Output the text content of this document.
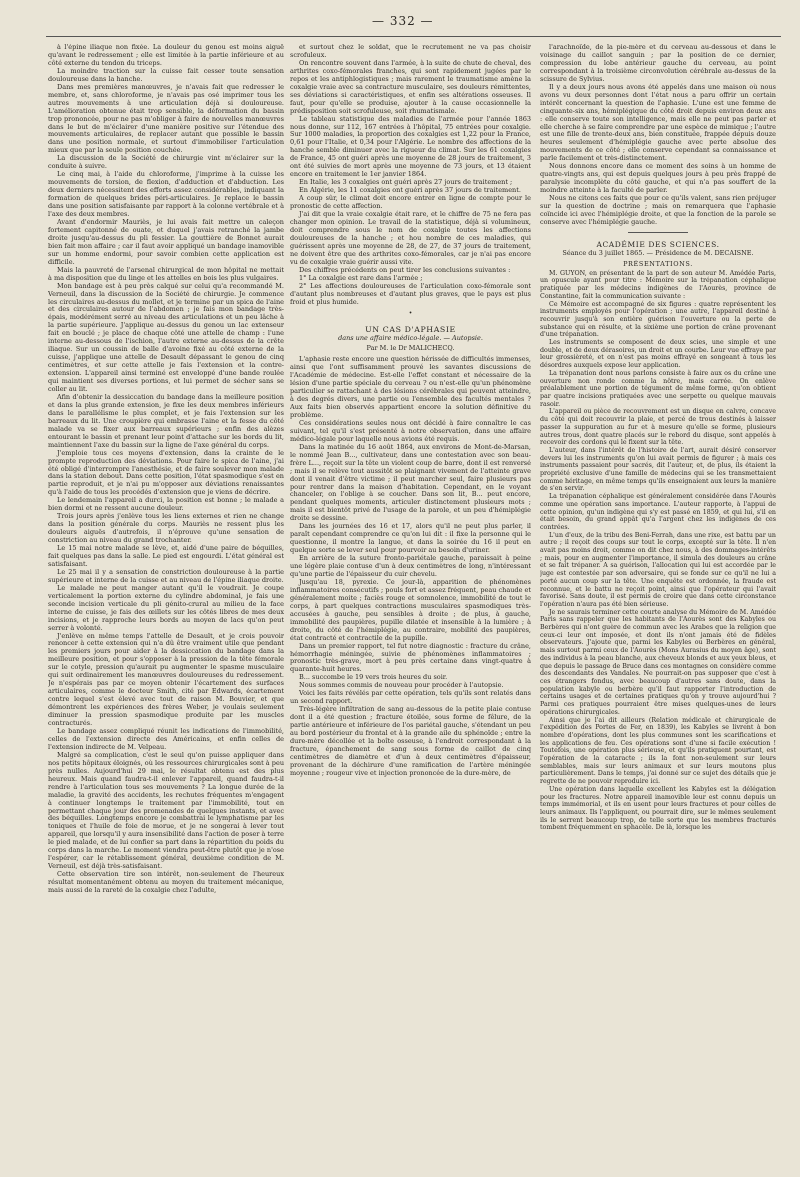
— 332 —

à l'épine iliaque non fixée. La douleur du genou est moins aiguë qu'avant le redressement ; elle est limitée à la partie inférieure et au côté externe du tendon du triceps.

La moindre traction sur la cuisse fait cesser toute sensation douloureuse dans la hanche.

Dans mes premières manœuvres, je n'avais fait que redresser le membre, et, sans chloroforme, je n'avais pas osé imprimer tous les autres mouvements à une articulation déjà si douloureuse. L'amélioration obtenue était trop sensible, la déformation du bassin trop prononcée, pour ne pas m'obliger à faire de nouvelles manœuvres dans le but de m'éclairer d'une manière positive sur l'étendue des mouvements articulaires, de replacer autant que possible le bassin dans une position normale, et surtout d'immobiliser l'articulation mieux que par la seule position couchée.

La discussion de la Société de chirurgie vint m'éclairer sur la conduite à suivre.

Le cinq mai, à l'aide du chloroforme, j'imprime à la cuisse les mouvements de torsion, de flexion, d'adduction et d'abduction. Les deux derniers nécessitent des efforts assez considérables, indiquant la formation de quelques brides péri-articulaires. Je replace le bassin dans une position satisfaisante par rapport à la colonne vertébrale et à l'axe des deux membres.

Avant d'endormir Mauriès, je lui avais fait mettre un caleçon fortement capitonné de ouate, et duquel j'avais retranché la jambe droite jusqu'au-dessus du pli fessier. La gouttière de Bonnet aurait bien fait mon affaire ; car il faut avoir appliqué un bandage inamovible sur un homme endormi, pour savoir combien cette application est difficile.

Mais la pauvreté de l'arsenal chirurgical de mon hôpital ne mettait à ma disposition que du linge et les attelles en bois les plus vulgaires.

Mon bandage est à peu près calqué sur celui qu'a recommandé M. Verneuil, dans la discussion de la Société de chirurgie. Je commence les circulaires au-dessus du mollet, et je termine par un spica de l'aine et des circulaires autour de l'abdomen ; je fais mon bandage très-épais, modérément serré au niveau des articulations et un peu lâche à la partie supérieure. J'applique au-dessus du genou un lac extenseur fait en bouclé ; je place de chaque côté une attelle de champ : l'une interne au-dessous de l'ischion, l'autre externe au-dessus de la crête iliaque. Sur un coussin de balle d'avoine fixé au côté externe de la cuisse, j'applique une attelle de Desault dépassant le genou de cinq centimètres, et sur cette attelle je fais l'extension et la contre-extension. L'appareil ainsi terminé est enveloppé d'une bande roulée qui maintient ses diverses portions, et lui permet de sécher sans se coller au lit.

Afin d'obtenir la dessiccation du bandage dans la meilleure position et dans la plus grande extension, je fixe les deux membres inférieurs dans le parallélisme le plus complet, et je fais l'extension sur les barreaux du lit. Une croupière qui embrasse l'aine et la fesse du côté malade va se fixer aux barreaux supérieurs ; enfin des alèzes entourant le bassin et prenant leur point d'attache sur les bords du lit, maintiennent l'axe du bassin sur la ligne de l'axe général du corps.

J'emploie tous ces moyens d'extension, dans la crainte de le prompte reproduction des déviations. Pour faire le spica de l'aine, j'ai été obligé d'interrompre l'anesthésie, et de faire soulever mon malade dans la station debout. Dans cette position, l'état spasmodique s'est en partie reproduit, et je n'ai pu m'opposer aux déviations renaissantes qu'à l'aide de tous les procédés d'extension que je viens de décrire.

Le lendemain l'appareil a durci, la position est bonne ; le malade a bien dormi et ne ressent aucune douleur.

Trois jours après j'enlève tous les liens externes et rien ne change dans la position générale du corps. Mauriès ne ressent plus les douleurs aiguës d'autrefois, il n'éprouve qu'une sensation de constriction au niveau du grand trochanter.

Le 15 mai notre malade se lève, et, aidé d'une paire de béquilles, fait quelques pas dans la salle. Le pied est engourdi. L'état général est satisfaisant.

Le 25 mai il y a sensation de constriction douloureuse à la partie supérieure et interne de la cuisse et au niveau de l'épine iliaque droite.

Le malade ne peut manger autant qu'il le voudrait. Je coupe verticalement la portion externe du cylindre abdominal, je fais une seconde incision verticale du pli génito-crural au milieu de la face interne de cuisse, je fais des œillets sur les côtés libres de mes deux incisions, et je rapproche leurs bords au moyen de lacs qu'on peut serrer à volonté.

J'enlève en même temps l'attelle de Desault, et je crois pouvoir renoncer à cette extension qui n'a dû être vraiment utile que pendant les premiers jours pour aider à la dessiccation du bandage dans la meilleure position, et pour s'opposer à la pression de la tête fémorale sur le cotyle, pression qu'aurait pu augmenter le spasme musculaire qui suit ordinairement les manœuvres douloureuses du redressement. Je n'espérais pas par ce moyen obtenir l'écartement des surfaces articulaires, comme le docteur Smith, cité par Edwards, écartement contre lequel s'est élevé avec tout de raison M. Bouvier, et que démontrent les expériences des frères Weber, je voulais seulement diminuer la pression spasmodique produite par les muscles contracturés.

Le bandage assez compliqué réunit les indications de l'immobilité, celles de l'extension directe des Américains, et enfin celles de l'extension indirecte de M. Velpeau.

Malgré sa complication, c'est le seul qu'on puisse appliquer dans nos petits hôpitaux éloignés, où les ressources chirurgicales sont à peu près nulles. Aujourd'hui 29 mai, le résultat obtenu est des plus heureux. Mais quand faudra-t-il enlever l'appareil, quand faudra-t-il rendre à l'articulation tous ses mouvements ? La longue durée de la maladie, la gravité des accidents, les rechutes fréquentes m'engagent à continuer longtemps le traitement par l'immobilité, tout en permettant chaque jour des promenades de quelques instants, et avec des béquilles. Longtemps encore je combattrai le lymphatisme par les toniques et l'huile de foie de morue, et je ne songerai à lever tout appareil, que lorsqu'il y aura insensibilité dans l'action de poser à terre le pied malade, et de lui confier sa part dans la répartition du poids du corps dans la marche. Le moment viendra peut-être plutôt que je n'ose l'espérer, car le rétablissement général, deuxième condition de M. Verneuil, est déjà très-satisfaisant.

Cette observation tire son intérêt, non-seulement de l'heureux résultat momentanément obtenu au moyen du traitement mécanique, mais aussi de la rareté de la coxalgie chez l'adulte,

et surtout chez le soldat, que le recrutement ne va pas choisir scrofuleux.

On rencontre souvent dans l'armée, à la suite de chute de cheval, des arthrites coxo-fémorales franches, qui sont rapidement jugées par le repos et les antiphlogistiques ; mais rarement le traumatisme amène la coxalgie vraie avec sa contracture musculaire, ses douleurs rémittentes, ses déviations si caractéristiques, et enfin ses altérations osseuses. Il faut, pour qu'elle se produise, ajouter à la cause occasionnelle la prédisposition soit scrofuleuse, soit rhumatismale.

Le tableau statistique des maladies de l'armée pour l'année 1863 nous donne, sur 112, 167 entrées à l'hôpital, 75 entrées pour coxalgie. Sur 1000 maladies, la proportion des coxalgies est 1,22 pour la France, 0,61 pour l'Italie, et 0,34 pour l'Algérie. Le nombre des affections de la hanche semble diminuer avec la rigueur du climat. Sur les 61 coxalgies de France, 45 ont guéri après une moyenne de 28 jours de traitement, 3 ont été suivies de mort après une moyenne de 73 jours, et 13 étaient encore en traitement le 1er janvier 1864.

En Italie, les 3 coxalgies ont guéri après 27 jours de traitement ;

En Algérie, les 11 coxalgies ont guéri après 37 jours de traitement.

A coup sûr, le climat doit encore entrer en ligne de compte pour le pronostic de cette affection.

J'ai dit que la vraie coxalgie était rare, et le chiffre de 75 ne fera pas changer mon opinion. Le travail de la statistique, déjà si volumineux, doit comprendre sous le nom de coxalgie toutes les affections douloureuses de la hanche ; et hou nombre de ces maladies, qui guérissent après une moyenne de 28, de 27, de 37 jours de traitement, ne doivent être que des arthrites coxo-fémorales, car je n'ai pas encore vu de coxalgie vraie guérir aussi vite.

Des chiffres précédents on peut tirer les conclusions suivantes :

1° La coxalgie est rare dans l'armée ;

2° Les affections douloureuses de l'articulation coxo-fémorale sont d'autant plus nombreuses et d'autant plus graves, que le pays est plus froid et plus humide.

•
UN CAS D'APHASIE
dans une affaire médico-légale. — Autopsie.
Par M. le Dr MALICHECQ.

L'aphasie reste encore une question hérissée de difficultés immenses, ainsi que l'ont suffisamment prouvé les savantes discussions de l'Académie de médecine. Est-elle l'effet constant et nécessaire de la lésion d'une partie spéciale du cerveau ? ou n'est-elle qu'un phénomène particulier se rattachant à des lésions cérébrales qui peuvent atteindre, à des degrés divers, une partie ou l'ensemble des facultés mentales ? Aux faits bien observés appartient encore la solution définitive du problème.

Ces considérations seules nous ont décidé à faire connaître le cas suivant, tel qu'il s'est présenté à notre observation, dans une affaire médico-légale pour laquelle nous avions été requis.

Dans la matinée du 16 août 1864, aux environs de Mont-de-Marsan, le nommé Jean B..., cultivateur, dans une contestation avec son beau-frère L..., reçoit sur la tête un violent coup de barre, dont il est renversé ; mais il se relève tout aussitôt se plaignant vivement de l'atteinte grave dont il venait d'être victime ; il peut marcher seul, faire plusieurs pas pour rentrer dans la maison d'habitation. Cependant, en le voyant chanceler, on l'oblige à se coucher. Dans son lit, B... peut encore, pendant quelques moments, articuler distinctement plusieurs mots ; mais il est bientôt privé de l'usage de la parole, et un peu d'hémiplégie droite se dessine.

Dans les journées des 16 et 17, alors qu'il ne peut plus parler, il paraît cependant comprendre ce qu'on lui dit : il fixe la personne qui le questionne, il montre la langue, et dans la soirée du 16 il peut en quelque sorte se lever seul pour pourvoir au besoin d'uriner.

En arrière de la suture fronto-pariétale gauche, paraissait à peine une légère plaie contuse d'un à deux centimètres de long, n'intéressant qu'une partie de l'épaisseur du cuir chevelu.

Jusqu'au 18, pyrexie. Ce jour-là, apparition de phénomènes inflammatoires consécutifs ; pouls fort et assez fréquent, peau chaude et généralement moite ; faciès rouge et somnolence, immobilité de tout le corps, à part quelques contractions musculaires spasmodiques très-accusées à gauche, peu sensibles à droite ; de plus, à gauche, immobilité des paupières, pupille dilatée et insensible à la lumière ; à droite, du côté de l'hémiplégie, au contraire, mobilité des paupières, état contracté et contractile de la pupille.

Dans un premier rapport, tel fut notre diagnostic : fracture du crâne, hémorrhagie méningée, suivie de phénomènes inflammatoires ; pronostic très-grave, mort à peu près certaine dans vingt-quatre à quarante-huit heures.

B... succombe le 19 vers trois heures du soir.

Nous sommes commis de nouveau pour procéder à l'autopsie.

Voici les faits révélés par cette opération, tels qu'ils sont relatés dans un second rapport.

Très-légère infiltration de sang au-dessous de la petite plaie contuse dont il a été question ; fracture étoilée, sous forme de fêlure, de la partie antérieure et inférieure de l'os pariétal gauche, s'étendant un peu au bord postérieur du frontal et à la grande aile du sphénoïde ; entre la dure-mère décollée et la boîte osseuse, à l'endroit correspondant à la fracture, épanchement de sang sous forme de caillot de cinq centimètres de diamètre et d'un à deux centimètres d'épaisseur, provenant de la déchirure d'une ramification de l'artère méningée moyenne ; rougeur vive et injection prononcée de la dure-mère, de

l'arachnoïde, de la pie-mère et du cerveau au-dessous et dans le voisinage du caillot sanguin ; par la position de ce dernier, compression du lobe antérieur gauche du cerveau, au point correspondant à la troisième circonvolution cérébrale au-dessus de la scissure de Sylvius.

Il y a deux jours nous avons été appelés dans une maison où nous avons vu deux personnes dont l'état nous a paru offrir un certain intérêt concernant la question de l'aphasie. L'une est une femme de cinquante-six ans, hémiplégique du côté droit depuis environ deux ans : elle conserve toute son intelligence, mais elle ne peut pas parler et elle cherche à se faire comprendre par une espèce de mimique ; l'autre est une fille de trente-deux ans, bien constituée, frappée depuis douze heures seulement d'hémiplégie gauche avec perte absolue des mouvements de ce côté ; elle conserve cependant sa connaissance et parle facilement et très-distinctement.

Nous donnons encore dans ce moment des soins à un homme de quatre-vingts ans, qui est depuis quelques jours à peu près frappé de paralysie incomplète du côté gauche, et qui n'a pas souffert de la moindre atteinte à la faculté de parler.

Nous ne citons ces faits que pour ce qu'ils valent, sans rien préjuger sur la question de doctrine ; mais on remarquera que l'aphasie coïncide ici avec l'hémiplégie droite, et que la fonction de la parole se conserve avec l'hémiplégie gauche.

ACADÉMIE DES SCIENCES.
Séance du 3 juillet 1865. — Présidence de M. DECAISNE.
PRÉSENTATIONS.

M. GUYON, en présentant de la part de son auteur M. Amédée Paris, un opuscule ayant pour titre : Mémoire sur la trépanation céphalique pratiquée par les médecins indigènes de l'Aourès, province de Constantine, fait la communication suivante :

Ce Mémoire est accompagné de six figures : quatre représentent les instruments employés pour l'opération ; une autre, l'appareil destiné à recouvrir jusqu'à son entière guérison l'ouverture ou la perte de substance qui en résulte, et la sixième une portion de crâne provenant d'une trépanation.

Les instruments se composent de deux scies, une simple et une double, et de deux dérasoires, un droit et un courbe. Leur vue effraye par leur grossièreté, et on n'est pas moins effrayé en songeant à tous les désordres auxquels expose leur application.

La trépanation dont nous parlons consiste à faire aux os du crâne une ouverture non ronde comme la nôtre, mais carrée. On enlève préalablement une portion de tégument de même forme, qu'on obtient par quatre incisions pratiquées avec une serpette ou quelque mauvais rasoir.

L'appareil ou pièce de recouvrement est un disque en calvre, concave du côté qui doit recouvrir la plaie, et percé de trous destinés à laisser passer la suppuration au fur et à mesure qu'elle se forme, plusieurs autres trous, dont quatre placés sur le rebord du disque, sont appelés à recevoir des cordons qui le fixent sur la tête.

L'auteur, dans l'intérêt de l'histoire de l'art, aurait désiré conserver devers lui les instruments qu'on lui avait permis de figurer ; à mais ces instruments passaient pour sacrés, dit l'auteur, et, de plus, ils étaient la propriété exclusive d'une famille de médecins qui se les transmettaient comme héritage, en même temps qu'ils enseignaient aux leurs la manière de s'en servir.

La trépanation céphalique est généralement considérée dans l'Aourès comme une opération sans importance. L'auteur rapporte, à l'appui de cette opinion, qu'un indigène qui s'y est passé en 1859, et qui lui, s'il en était besoin, du grand appât qu'a l'argent chez les indigènes de ces contrées.

L'un d'eux, de la tribu des Beni-Ferrah, dans une rixe, est battu par un autre ; il reçoit des coups sur tout le corps, excepté sur la tête. Il n'en avait pas moins droit, comme on dit chez nous, à des dommages-intérêts ; mais, pour en augmenter l'importance, il simula des douleurs au crâne et se fait trépaner. A sa guérison, l'allocation qui lui est accordée par le juge est contestée par son adversaire, qui se fonde sur ce qu'il ne lui a porté aucun coup sur la tête. Une enquête est ordonnée, la fraude est reconnue, et le battu ne reçoit point, ainsi que l'opérateur qui l'avait favorisé. Sans doute, il est permis de croire que dans cette circonstance l'opération n'aura pas été bien sérieuse.

Je ne saurais terminer cette courte analyse du Mémoire de M. Amédée Paris sans rappeler que les habitants de l'Aourès sont des Kabyles ou Berbères qui n'ont guère de commun avec les Arabes que la religion que ceux-ci leur ont imposée, et dont ils n'ont jamais été de fidèles observateurs. J'ajoute que, parmi les Kabyles ou Berbères en général, mais surtout parmi ceux de l'Aourès (Mons Aurasius du moyen âge), sont des individus à la peau blanche, aux cheveux blonds et aux yeux bleus, et que depuis le passage de Bruce dans ces montagnes on considère comme des descendants des Vandales. Ne pourrait-on pas supposer que c'est à ces étrangers fondus, avec beaucoup d'autres sans doute, dans la population kabyle ou berbère qu'il faut rapporter l'introduction de certains usages et de certaines pratiques qu'on y trouve aujourd'hui ? Parmi ces pratiques pourraient être mises quelques-unes de leurs opérations chirurgicales.

Ainsi que je l'ai dit ailleurs (Relation médicale et chirurgicale de l'expédition des Portes de Fer, en 1839), les Kabyles se livrent à bon nombre d'opérations, dont les plus communes sont les scarifications et les applications de feu. Ces opérations sont d'une si facile exécution ! Toutefois, une opération plus sérieuse, et qu'ils pratiquent pourtant, est l'opération de la cataracte ; ils la font non-seulement sur leurs semblables, mais sur leurs animaux et sur leurs moutons plus particulièrement. Dans le temps, j'ai donné sur ce sujet des détails que je regrette de ne pouvoir reproduire ici.

Une opération dans laquelle excellent les Kabyles est la délégation pour les fractures. Notre appareil inamovible leur est connu depuis un temps immémorial, et ils en usent pour leurs fractures et pour celles de leurs animaux. Ils l'appliquent, ou pourrait dire, sur le mêmes seulement ils le serrent beaucoup trop, de telle sorte que les membres fracturés tombent fréquemment en sphacèle. De là, lorsque les
